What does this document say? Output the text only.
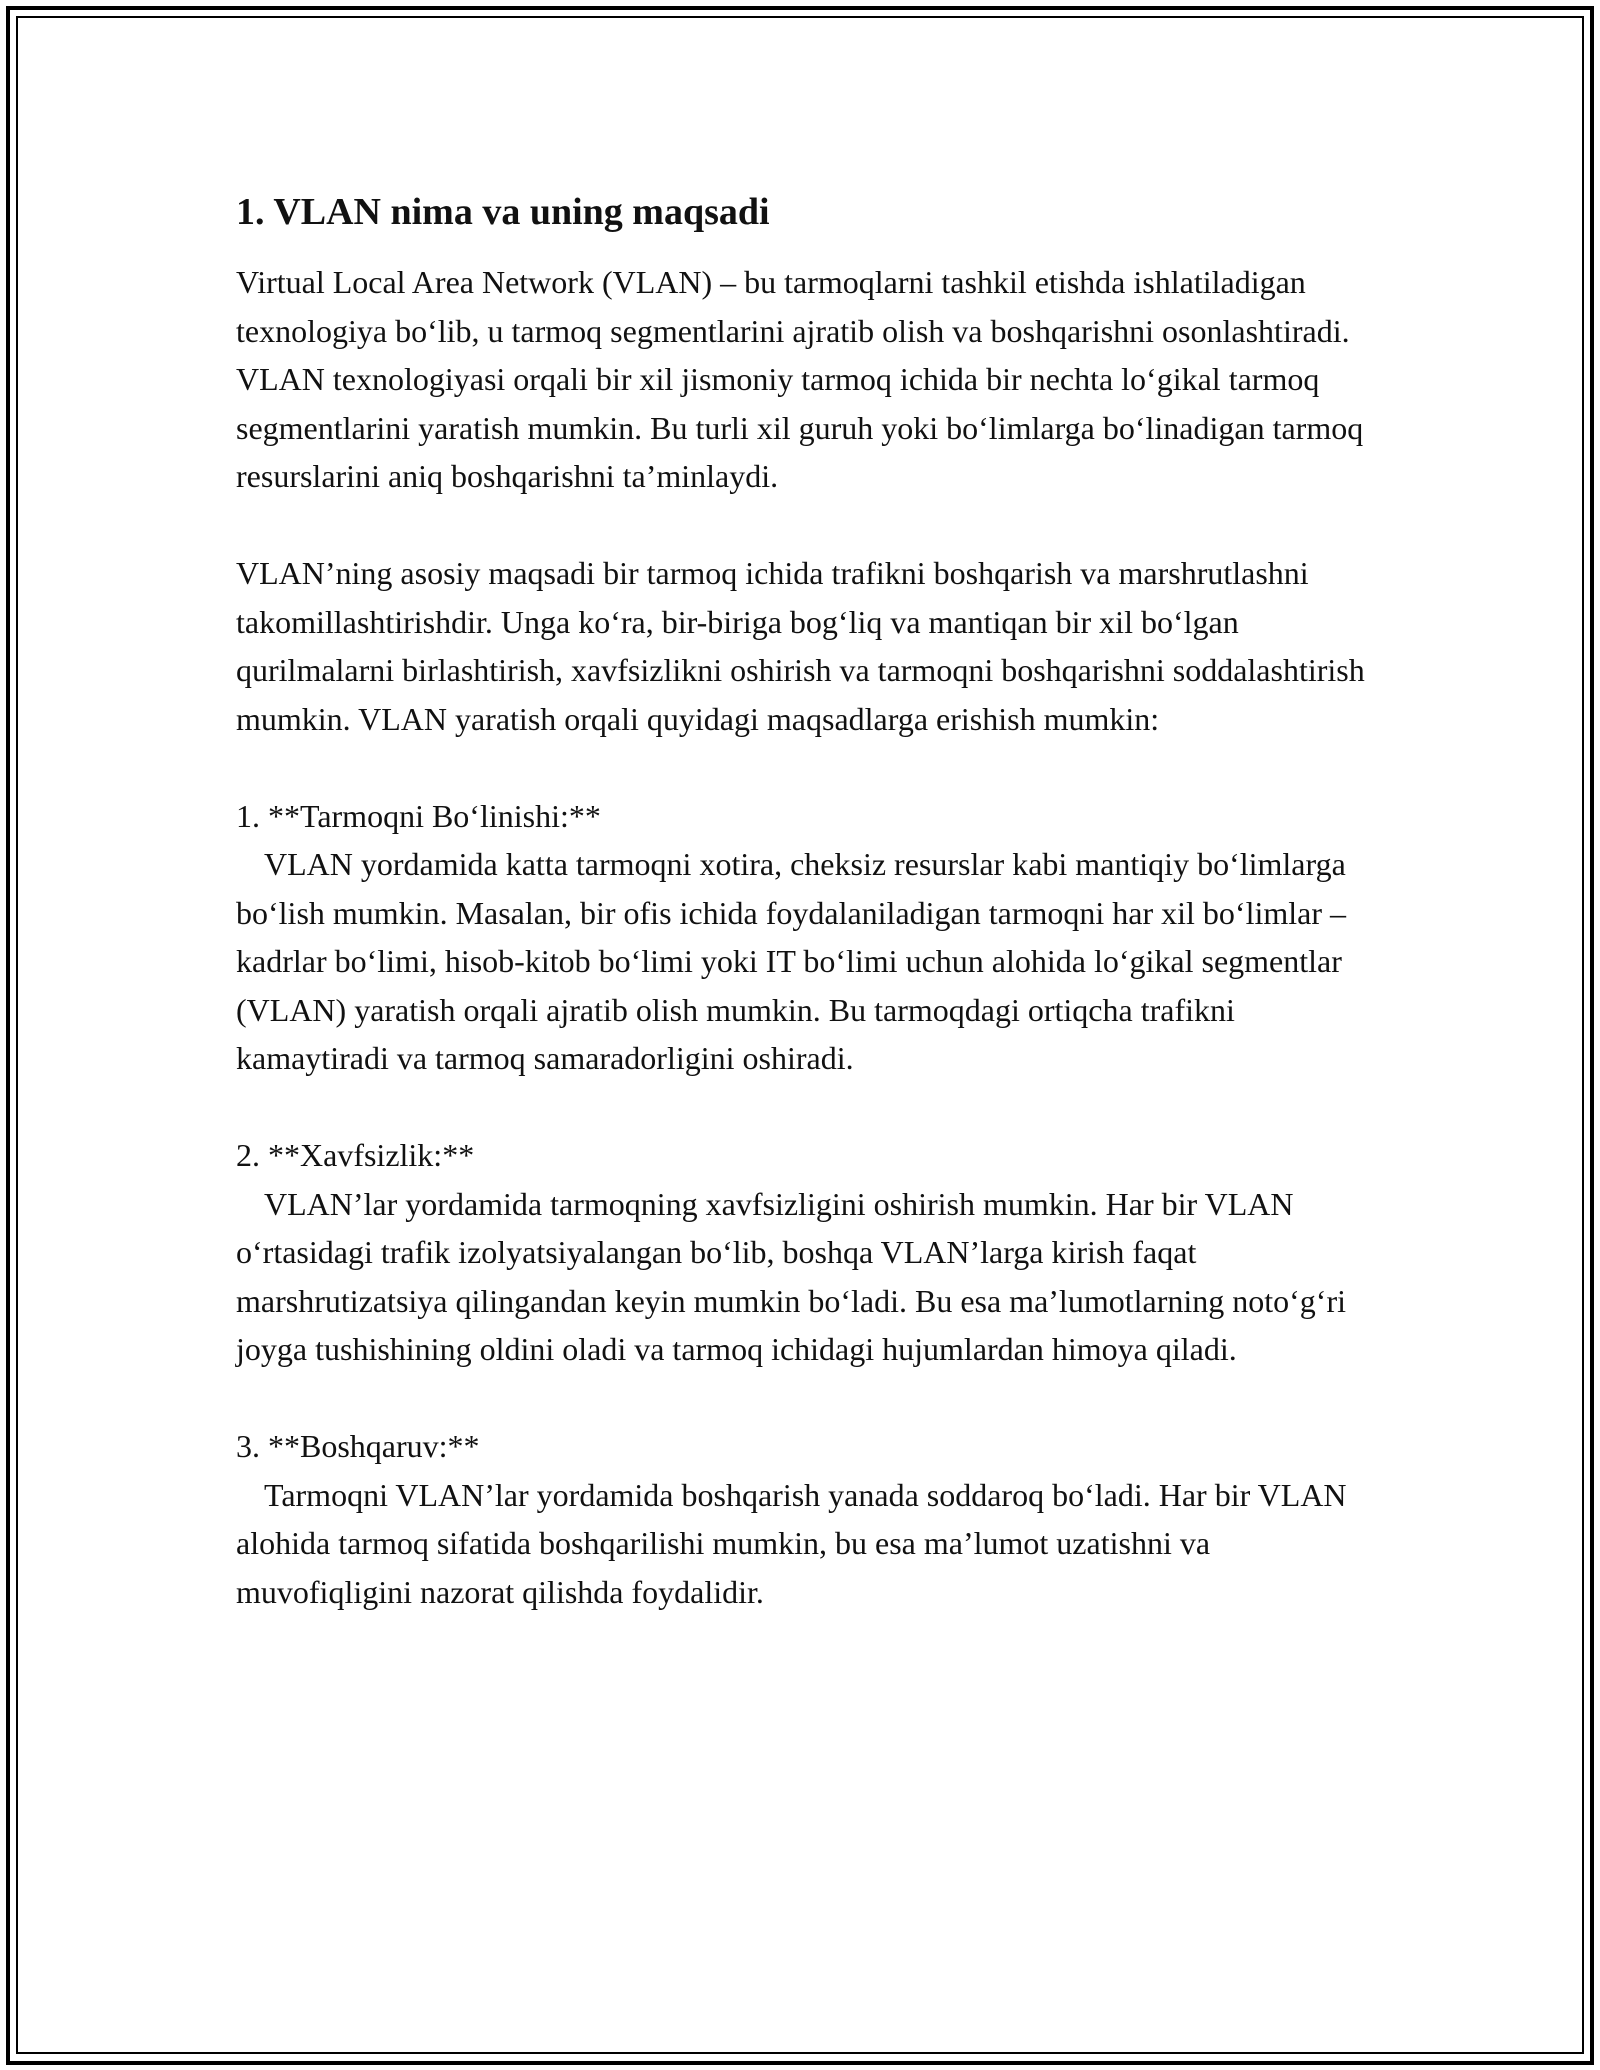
1. VLAN nima va uning maqsadi

Virtual Local Area Network (VLAN) – bu tarmoqlarni tashkil etishda ishlatiladigan texnologiya bo‘lib, u tarmoq segmentlarini ajratib olish va boshqarishni osonlashtiradi. VLAN texnologiyasi orqali bir xil jismoniy tarmoq ichida bir nechta lo‘gikal tarmoq segmentlarini yaratish mumkin. Bu turli xil guruh yoki bo‘limlarga bo‘linadigan tarmoq resurslarini aniq boshqarishni ta’minlaydi.

VLAN’ning asosiy maqsadi bir tarmoq ichida trafikni boshqarish va marshrutlashni takomillashtirishdir. Unga ko‘ra, bir-biriga bog‘liq va mantiqan bir xil bo‘lgan qurilmalarni birlashtirish, xavfsizlikni oshirish va tarmoqni boshqarishni soddalashtirish mumkin. VLAN yaratish orqali quyidagi maqsadlarga erishish mumkin:

1. **Tarmoqni Bo‘linishi:**
VLAN yordamida katta tarmoqni xotira, cheksiz resurslar kabi mantiqiy bo‘limlarga bo‘lish mumkin. Masalan, bir ofis ichida foydalaniladigan tarmoqni har xil bo‘limlar – kadrlar bo‘limi, hisob-kitob bo‘limi yoki IT bo‘limi uchun alohida lo‘gikal segmentlar (VLAN) yaratish orqali ajratib olish mumkin. Bu tarmoqdagi ortiqcha trafikni kamaytiradi va tarmoq samaradorligini oshiradi.
2. **Xavfsizlik:**
VLAN’lar yordamida tarmoqning xavfsizligini oshirish mumkin. Har bir VLAN o‘rtasidagi trafik izolyatsiyalangan bo‘lib, boshqa VLAN’larga kirish faqat marshrutizatsiya qilingandan keyin mumkin bo‘ladi. Bu esa ma’lumotlarning noto‘g‘ri joyga tushishining oldini oladi va tarmoq ichidagi hujumlardan himoya qiladi.
3. **Boshqaruv:**
Tarmoqni VLAN’lar yordamida boshqarish yanada soddaroq bo‘ladi. Har bir VLAN alohida tarmoq sifatida boshqarilishi mumkin, bu esa ma’lumot uzatishni va muvofiqligini nazorat qilishda foydalidir.
